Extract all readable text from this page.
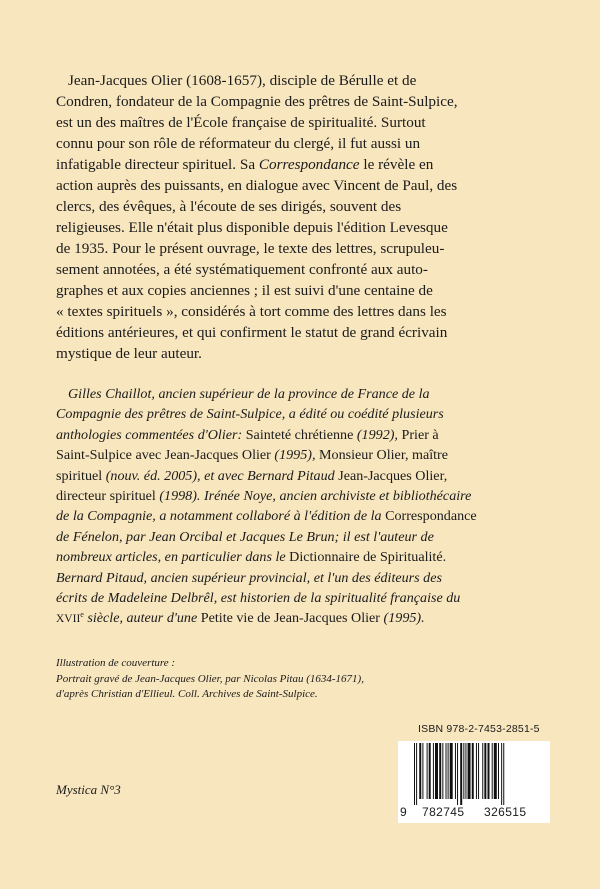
Jean-Jacques Olier (1608-1657), disciple de Bérulle et de
Condren, fondateur de la Compagnie des prêtres de Saint-Sulpice,
est un des maîtres de l'École française de spiritualité. Surtout
connu pour son rôle de réformateur du clergé, il fut aussi un
infatigable directeur spirituel. Sa Correspondance le révèle en
action auprès des puissants, en dialogue avec Vincent de Paul, des
clercs, des évêques, à l'écoute de ses dirigés, souvent des
religieuses. Elle n'était plus disponible depuis l'édition Levesque
de 1935. Pour le présent ouvrage, le texte des lettres, scrupuleu-
sement annotées, a été systématiquement confronté aux auto-
graphes et aux copies anciennes ; il est suivi d'une centaine de
« textes spirituels », considérés à tort comme des lettres dans les
éditions antérieures, et qui confirment le statut de grand écrivain
mystique de leur auteur.
Gilles Chaillot, ancien supérieur de la province de France de la
Compagnie des prêtres de Saint-Sulpice, a édité ou coédité plusieurs
anthologies commentées d'Olier: Sainteté chrétienne (1992), Prier à
Saint-Sulpice avec Jean-Jacques Olier (1995), Monsieur Olier, maître
spirituel (nouv. éd. 2005), et avec Bernard Pitaud Jean-Jacques Olier,
directeur spirituel (1998). Irénée Noye, ancien archiviste et bibliothécaire
de la Compagnie, a notamment collaboré à l'édition de la Correspondance
de Fénelon, par Jean Orcibal et Jacques Le Brun; il est l'auteur de
nombreux articles, en particulier dans le Dictionnaire de Spiritualité.
Bernard Pitaud, ancien supérieur provincial, et l'un des éditeurs des
écrits de Madeleine Delbrêl, est historien de la spiritualité française du
XVIIe siècle, auteur d'une Petite vie de Jean-Jacques Olier (1995).
Illustration de couverture :
Portrait gravé de Jean-Jacques Olier, par Nicolas Pitau (1634-1671),
d'après Christian d'Ellieul. Coll. Archives de Saint-Sulpice.
Mystica N°3
ISBN 978-2-7453-2851-5
9 782745 326515
